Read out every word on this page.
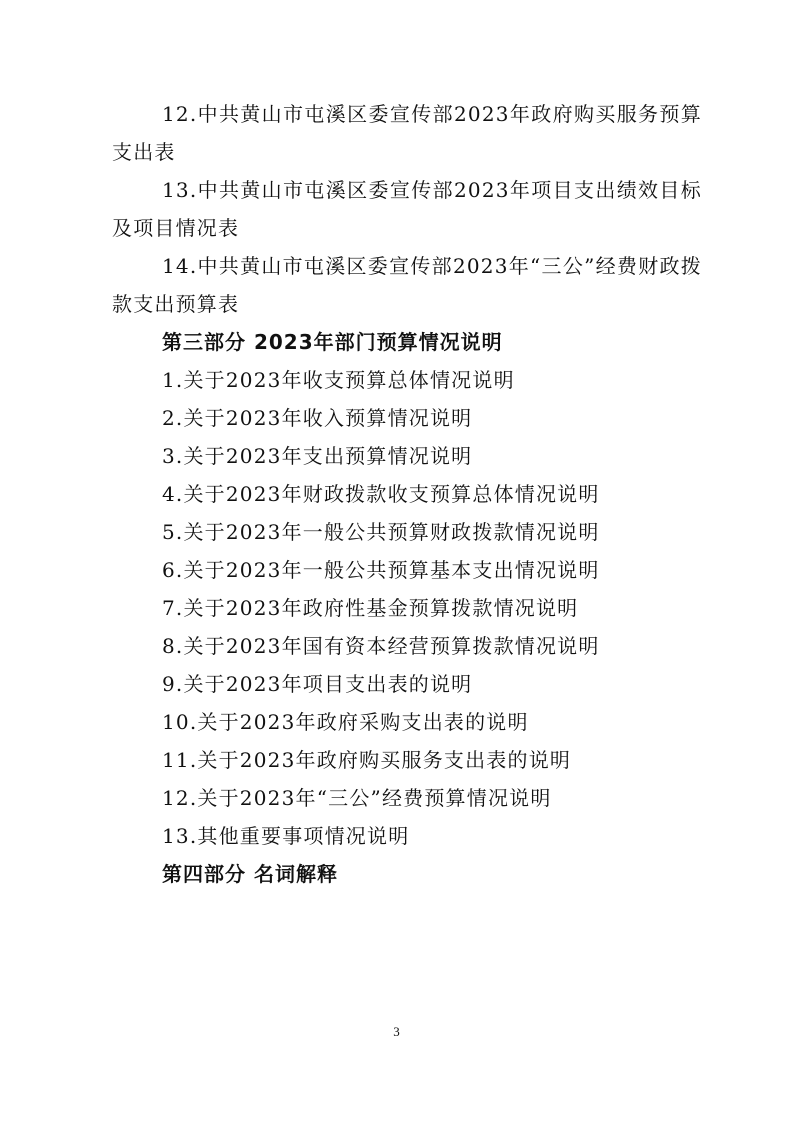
12.中共黄山市屯溪区委宣传部2023年政府购买服务预算支出表

13.中共黄山市屯溪区委宣传部2023年项目支出绩效目标及项目情况表

14.中共黄山市屯溪区委宣传部2023年“三公”经费财政拨款支出预算表

第三部分 2023年部门预算情况说明

1.关于2023年收支预算总体情况说明

2.关于2023年收入预算情况说明

3.关于2023年支出预算情况说明

4.关于2023年财政拨款收支预算总体情况说明

5.关于2023年一般公共预算财政拨款情况说明

6.关于2023年一般公共预算基本支出情况说明

7.关于2023年政府性基金预算拨款情况说明

8.关于2023年国有资本经营预算拨款情况说明

9.关于2023年项目支出表的说明

10.关于2023年政府采购支出表的说明

11.关于2023年政府购买服务支出表的说明

12.关于2023年“三公”经费预算情况说明

13.其他重要事项情况说明

第四部分 名词解释

3
